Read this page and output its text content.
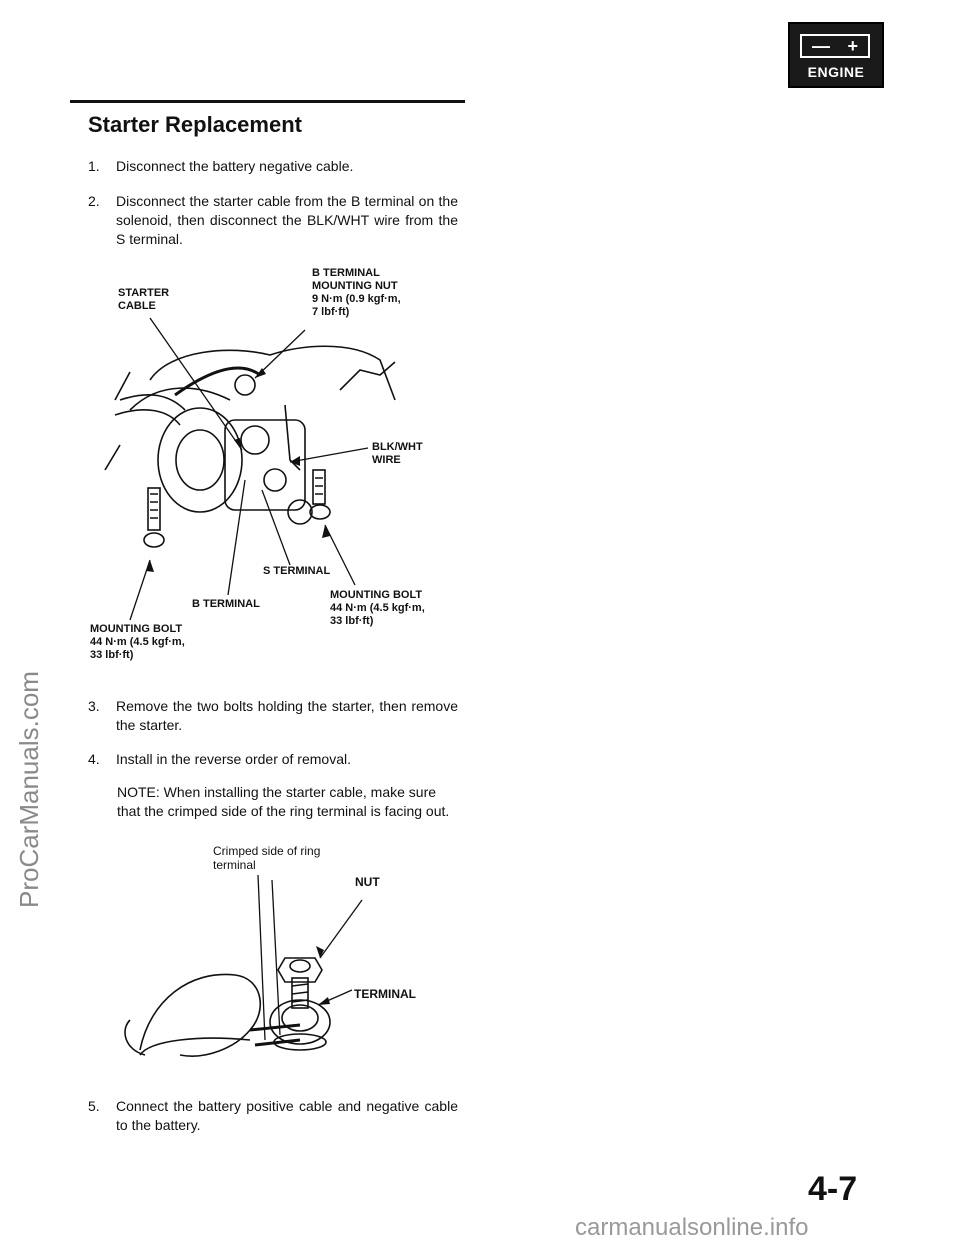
— +
ENGINE
Starter Replacement
1. Disconnect the battery negative cable.
2. Disconnect the starter cable from the B terminal on the solenoid, then disconnect the BLK/WHT wire from the S terminal.
STARTER
CABLE
B TERMINAL
MOUNTING NUT
9 N·m (0.9 kgf·m,
7 lbf·ft)
BLK/WHT
WIRE
S TERMINAL
B TERMINAL
MOUNTING BOLT
44 N·m (4.5 kgf·m,
33 lbf·ft)
MOUNTING BOLT
44 N·m (4.5 kgf·m,
33 lbf·ft)
3. Remove the two bolts holding the starter, then remove the starter.
4. Install in the reverse order of removal.
NOTE: When installing the starter cable, make sure that the crimped side of the ring terminal is facing out.
Crimped side of ring
terminal
NUT
TERMINAL
5. Connect the battery positive cable and negative cable to the battery.
4-7
ProCarManuals.com
carmanualsonline.info
